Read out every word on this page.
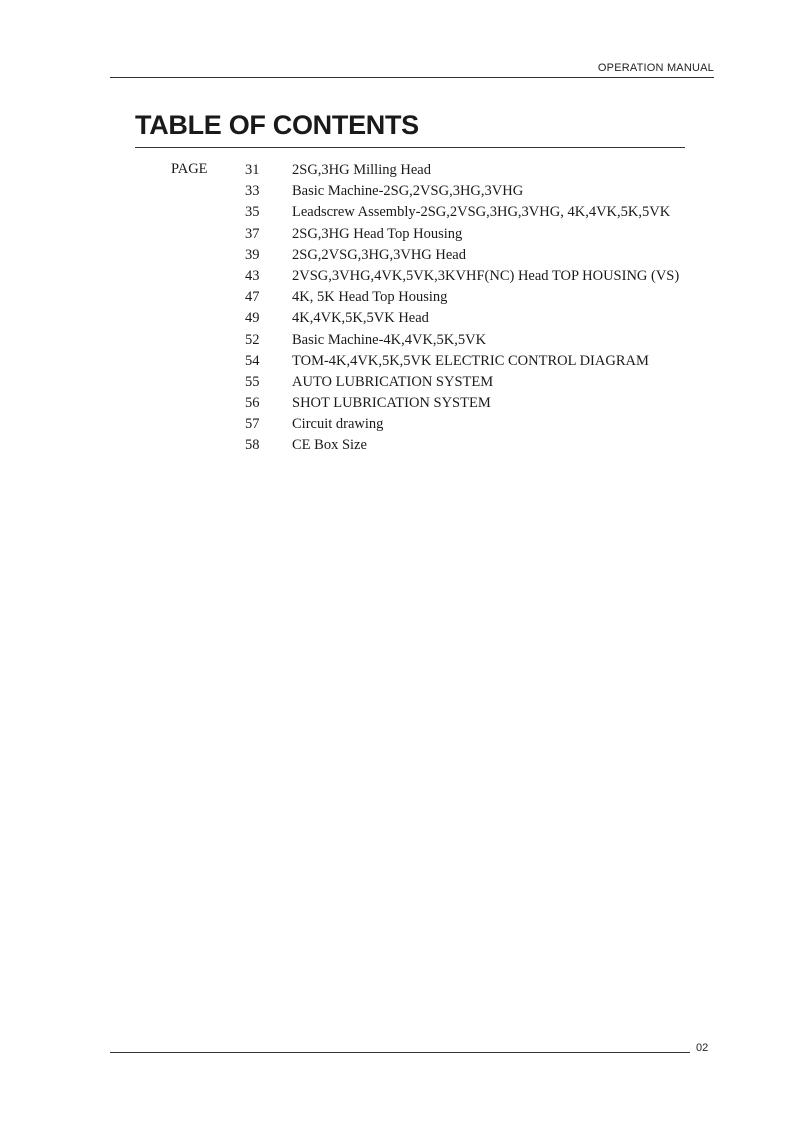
OPERATION MANUAL
TABLE OF CONTENTS
PAGE	31	2SG,3HG Milling Head
33	Basic Machine-2SG,2VSG,3HG,3VHG
35	Leadscrew Assembly-2SG,2VSG,3HG,3VHG, 4K,4VK,5K,5VK
37	2SG,3HG Head Top Housing
39	2SG,2VSG,3HG,3VHG Head
43	2VSG,3VHG,4VK,5VK,3KVHF(NC) Head TOP HOUSING (VS)
47	4K, 5K Head Top Housing
49	4K,4VK,5K,5VK Head
52	Basic Machine-4K,4VK,5K,5VK
54	TOM-4K,4VK,5K,5VK ELECTRIC CONTROL DIAGRAM
55	AUTO LUBRICATION SYSTEM
56	SHOT LUBRICATION SYSTEM
57	Circuit drawing
58	CE Box Size
02
